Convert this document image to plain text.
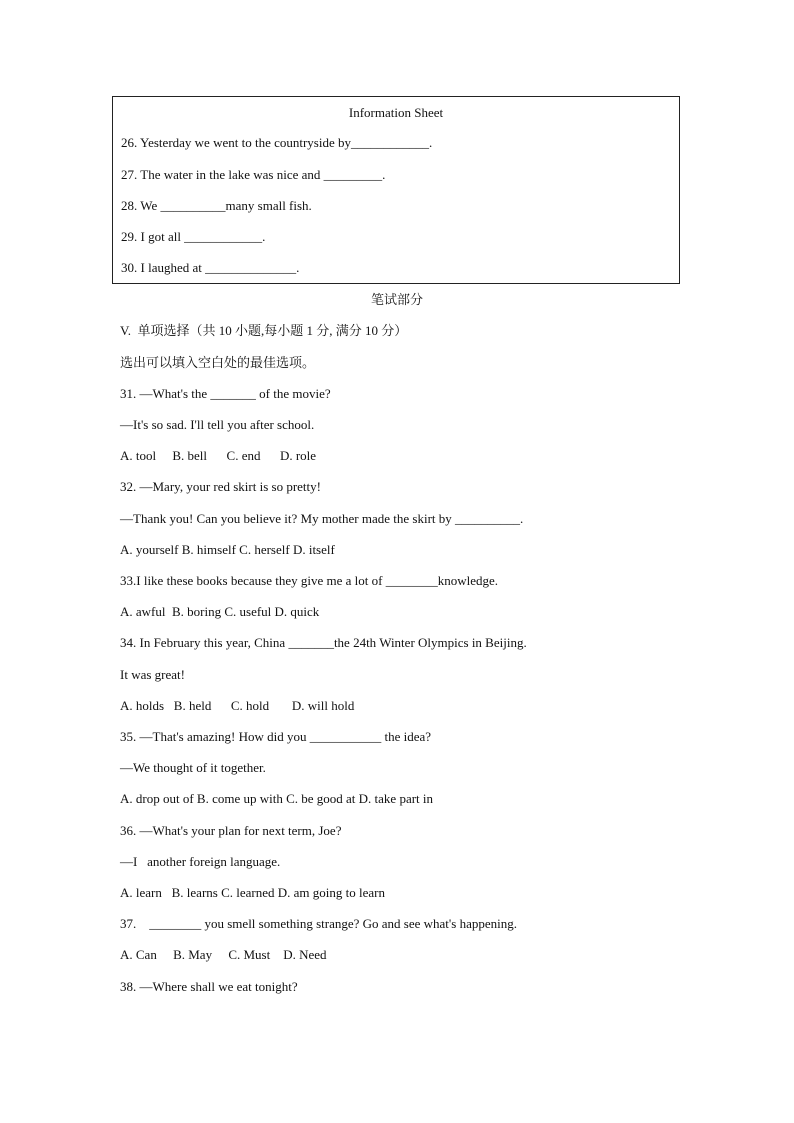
Information Sheet
26. Yesterday we went to the countryside by____________.
27. The water in the lake was nice and _________.
28. We __________many small fish.
29. I got all ____________.
30. I laughed at ______________.
笔试部分
V.  单项选择（共 10 小题,每小题 1 分, 满分 10 分）
选出可以填入空白处的最佳选项。
31. —What's the _______ of the movie?
—It's so sad. I'll tell you after school.
A. tool     B. bell      C. end      D. role
32. —Mary, your red skirt is so pretty!
—Thank you! Can you believe it? My mother made the skirt by __________.
A. yourself B. himself C. herself D. itself
33.I like these books because they give me a lot of ________knowledge.
A. awful  B. boring C. useful D. quick
34. In February this year, China _______the 24th Winter Olympics in Beijing.
It was great!
A. holds   B. held      C. hold       D. will hold
35. —That's amazing! How did you ___________ the idea?
—We thought of it together.
A. drop out of B. come up with C. be good at D. take part in
36. —What's your plan for next term, Joe?
—I   another foreign language.
A. learn   B. learns C. learned D. am going to learn
37.    ________ you smell something strange? Go and see what's happening.
A. Can     B. May     C. Must    D. Need
38. —Where shall we eat tonight?
